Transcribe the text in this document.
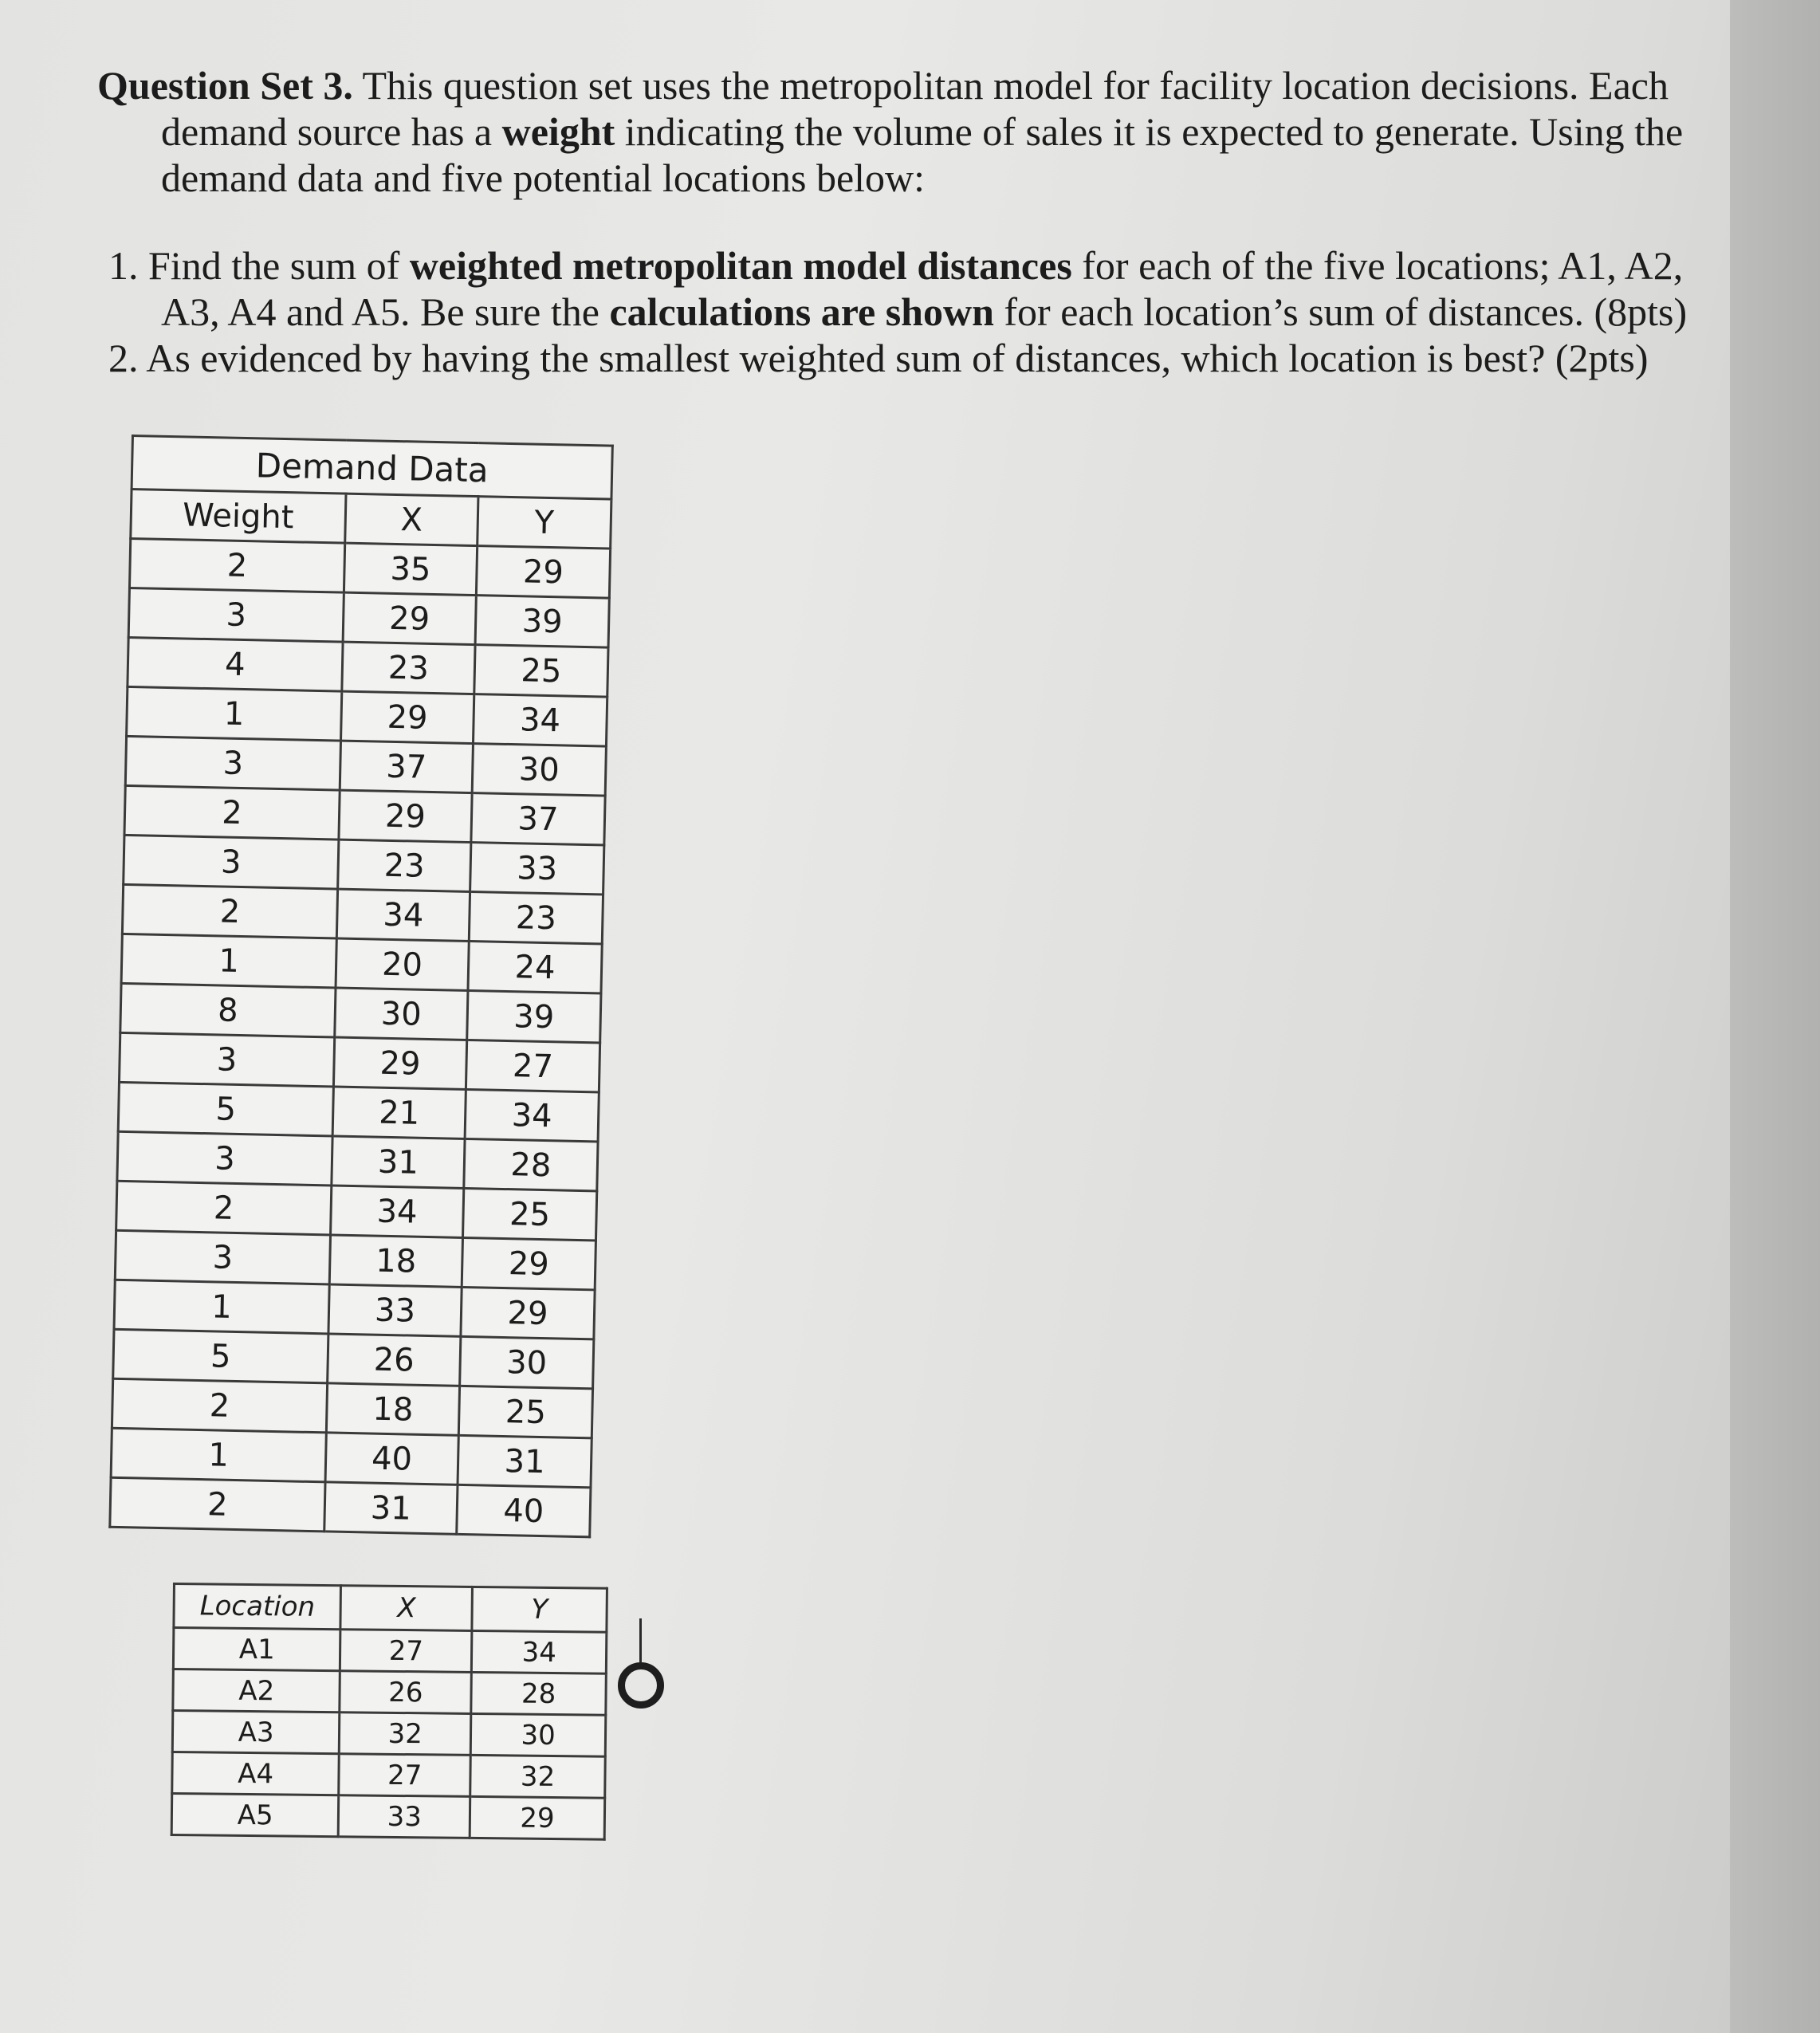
Question Set 3. This question set uses the metropolitan model for facility location decisions. Each demand source has a weight indicating the volume of sales it is expected to generate. Using the demand data and five potential locations below:

1. Find the sum of weighted metropolitan model distances for each of the five locations; A1, A2, A3, A4 and A5. Be sure the calculations are shown for each location’s sum of distances. (8pts)
2. As evidenced by having the smallest weighted sum of distances, which location is best? (2pts)
Demand Data		
Weight	X	Y
2	35	29
3	29	39
4	23	25
1	29	34
3	37	30
2	29	37
3	23	33
2	34	23
1	20	24
8	30	39
3	29	27
5	21	34
3	31	28
2	34	25
3	18	29
1	33	29
5	26	30
2	18	25
1	40	31
2	31	40
Location	X	Y
A1	27	34
A2	26	28
A3	32	30
A4	27	32
A5	33	29
